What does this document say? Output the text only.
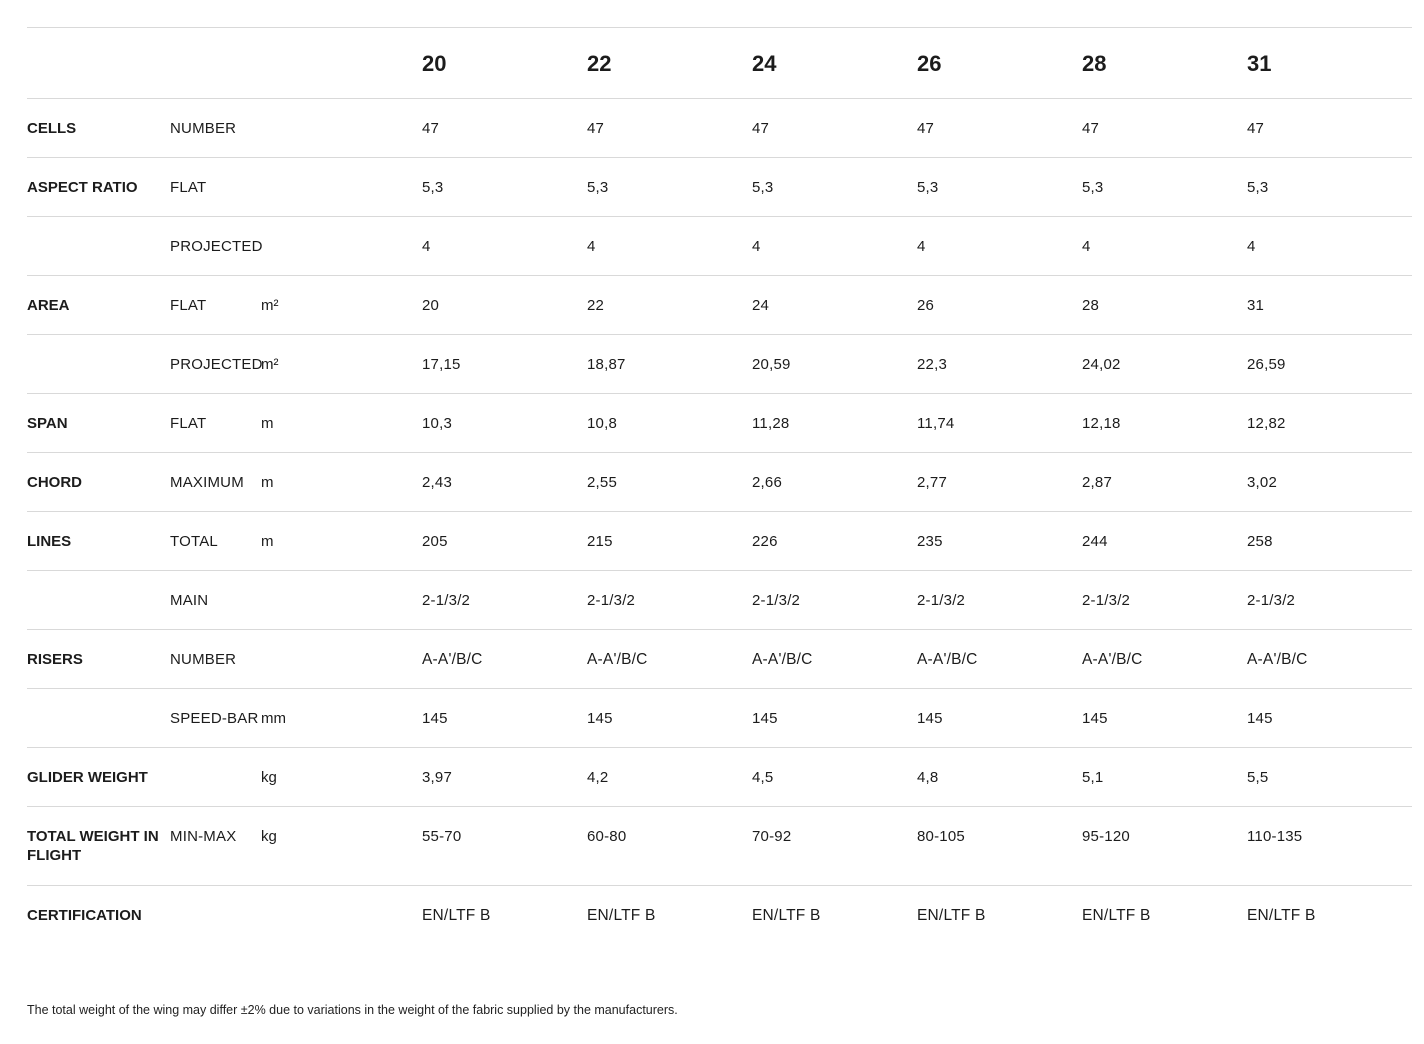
			20	22	24	26	28	31
CELLS	NUMBER		47	47	47	47	47	47
ASPECT RATIO	FLAT		5,3	5,3	5,3	5,3	5,3	5,3
	PROJECTED		4	4	4	4	4	4
AREA	FLAT	m²	20	22	24	26	28	31
	PROJECTED	m²	17,15	18,87	20,59	22,3	24,02	26,59
SPAN	FLAT	m	10,3	10,8	11,28	11,74	12,18	12,82
CHORD	MAXIMUM	m	2,43	2,55	2,66	2,77	2,87	3,02
LINES	TOTAL	m	205	215	226	235	244	258
	MAIN		2-1/3/2	2-1/3/2	2-1/3/2	2-1/3/2	2-1/3/2	2-1/3/2
RISERS	NUMBER		A-A'/B/C	A-A'/B/C	A-A'/B/C	A-A'/B/C	A-A'/B/C	A-A'/B/C
	SPEED-BAR	mm	145	145	145	145	145	145
GLIDER WEIGHT		kg	3,97	4,2	4,5	4,8	5,1	5,5
TOTAL WEIGHT IN FLIGHT	MIN-MAX	kg	55-70	60-80	70-92	80-105	95-120	110-135
CERTIFICATION			EN/LTF B	EN/LTF B	EN/LTF B	EN/LTF B	EN/LTF B	EN/LTF B
The total weight of the wing may differ ±2% due to variations in the weight of the fabric supplied by the manufacturers.
